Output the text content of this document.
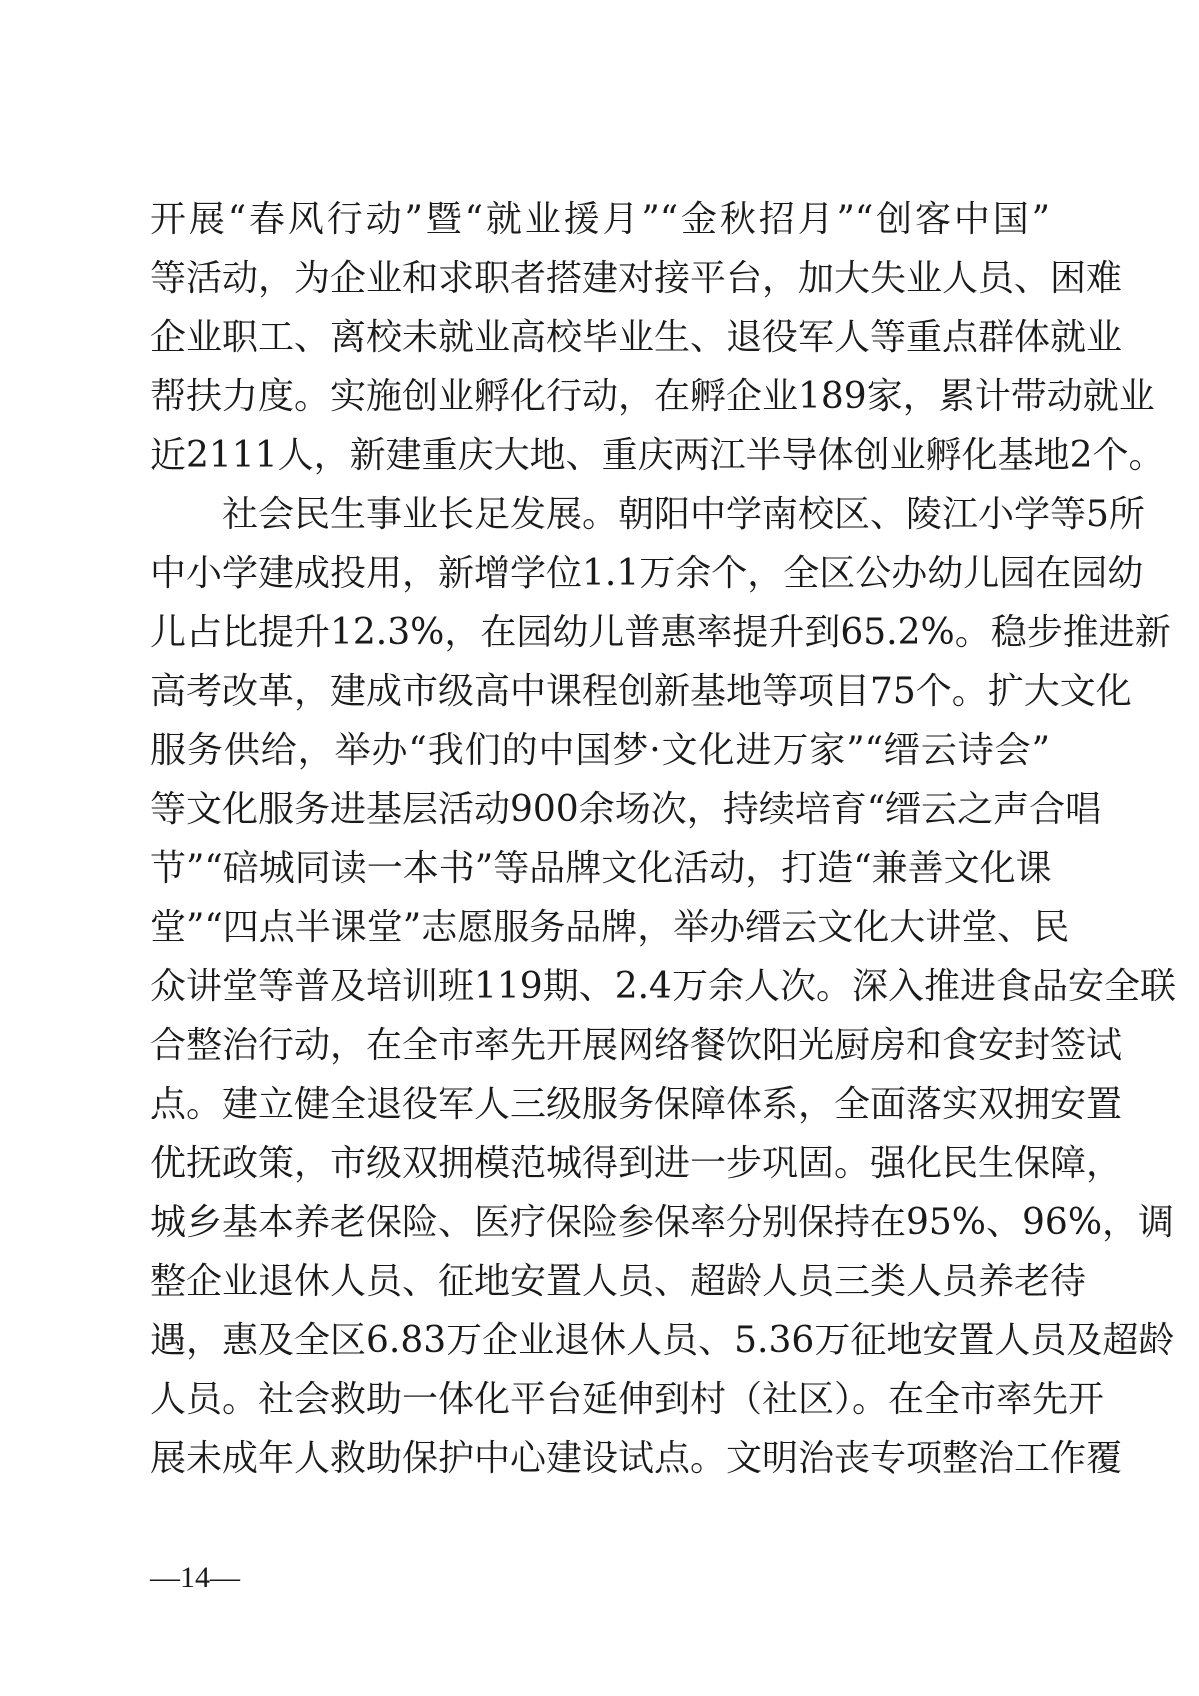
开展“春风行动”暨“就业援月”“金秋招月”“创客中国”
等活动，为企业和求职者搭建对接平台，加大失业人员、困难
企业职工、离校未就业高校毕业生、退役军人等重点群体就业
帮扶力度。实施创业孵化行动，在孵企业189家，累计带动就业
近2111人，新建重庆大地、重庆两江半导体创业孵化基地2个。
社会民生事业长足发展。朝阳中学南校区、陵江小学等5所
中小学建成投用，新增学位1.1万余个，全区公办幼儿园在园幼
儿占比提升12.3%，在园幼儿普惠率提升到65.2%。稳步推进新
高考改革，建成市级高中课程创新基地等项目75个。扩大文化
服务供给，举办“我们的中国梦·文化进万家”“缙云诗会”
等文化服务进基层活动900余场次，持续培育“缙云之声合唱
节”“碚城同读一本书”等品牌文化活动，打造“兼善文化课
堂”“四点半课堂”志愿服务品牌，举办缙云文化大讲堂、民
众讲堂等普及培训班119期、2.4万余人次。深入推进食品安全联
合整治行动，在全市率先开展网络餐饮阳光厨房和食安封签试
点。建立健全退役军人三级服务保障体系，全面落实双拥安置
优抚政策，市级双拥模范城得到进一步巩固。强化民生保障，
城乡基本养老保险、医疗保险参保率分别保持在95%、96%，调
整企业退休人员、征地安置人员、超龄人员三类人员养老待
遇，惠及全区6.83万企业退休人员、5.36万征地安置人员及超龄
人员。社会救助一体化平台延伸到村（社区）。在全市率先开
展未成年人救助保护中心建设试点。文明治丧专项整治工作覆
—14—
